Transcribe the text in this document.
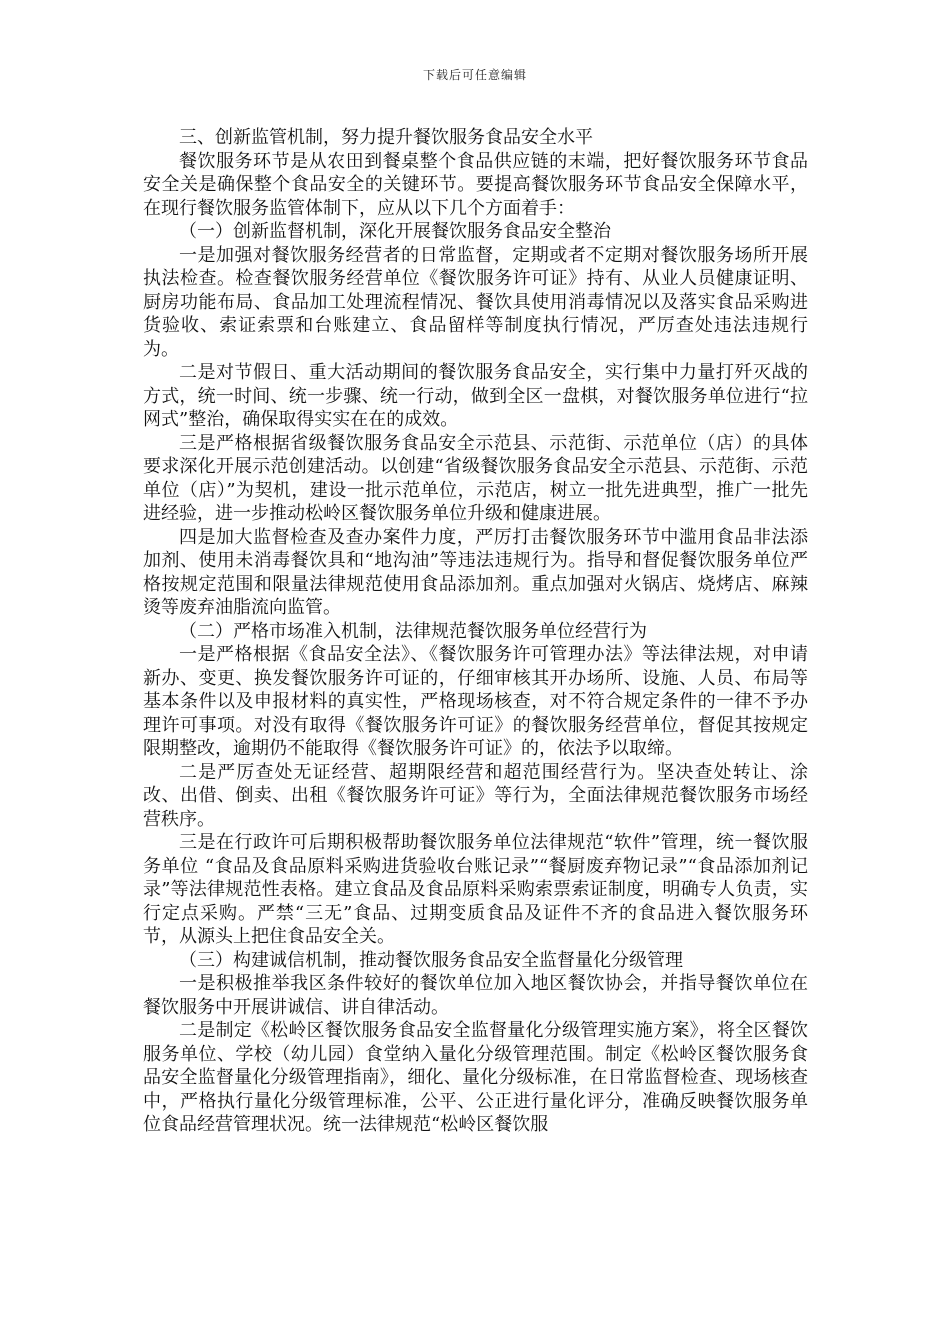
下载后可任意编辑

三、创新监管机制，努力提升餐饮服务食品安全水平

餐饮服务环节是从农田到餐桌整个食品供应链的末端，把好餐饮服务环节食品安全关是确保整个食品安全的关键环节。要提高餐饮服务环节食品安全保障水平，在现行餐饮服务监管体制下，应从以下几个方面着手：

（一）创新监督机制，深化开展餐饮服务食品安全整治

一是加强对餐饮服务经营者的日常监督，定期或者不定期对餐饮服务场所开展执法检查。检查餐饮服务经营单位《餐饮服务许可证》持有、从业人员健康证明、厨房功能布局、食品加工处理流程情况、餐饮具使用消毒情况以及落实食品采购进货验收、索证索票和台账建立、食品留样等制度执行情况，严厉查处违法违规行为。

二是对节假日、重大活动期间的餐饮服务食品安全，实行集中力量打歼灭战的方式，统一时间、统一步骤、统一行动，做到全区一盘棋，对餐饮服务单位进行“拉网式”整治，确保取得实实在在的成效。

三是严格根据省级餐饮服务食品安全示范县、示范街、示范单位（店）的具体要求深化开展示范创建活动。以创建“省级餐饮服务食品安全示范县、示范街、示范单位（店）”为契机，建设一批示范单位，示范店，树立一批先进典型，推广一批先进经验，进一步推动松岭区餐饮服务单位升级和健康进展。

四是加大监督检查及查办案件力度，严厉打击餐饮服务环节中滥用食品非法添加剂、使用未消毒餐饮具和“地沟油”等违法违规行为。指导和督促餐饮服务单位严格按规定范围和限量法律规范使用食品添加剂。重点加强对火锅店、烧烤店、麻辣烫等废弃油脂流向监管。

（二）严格市场准入机制，法律规范餐饮服务单位经营行为

一是严格根据《食品安全法》、《餐饮服务许可管理办法》等法律法规，对申请新办、变更、换发餐饮服务许可证的，仔细审核其开办场所、设施、人员、布局等基本条件以及申报材料的真实性，严格现场核查，对不符合规定条件的一律不予办理许可事项。对没有取得《餐饮服务许可证》的餐饮服务经营单位，督促其按规定限期整改，逾期仍不能取得《餐饮服务许可证》的，依法予以取缔。

二是严厉查处无证经营、超期限经营和超范围经营行为。坚决查处转让、涂改、出借、倒卖、出租《餐饮服务许可证》等行为，全面法律规范餐饮服务市场经营秩序。

三是在行政许可后期积极帮助餐饮服务单位法律规范“软件”管理，统一餐饮服务单位 “食品及食品原料采购进货验收台账记录”“餐厨废弃物记录”“食品添加剂记录”等法律规范性表格。建立食品及食品原料采购索票索证制度，明确专人负责，实行定点采购。严禁“三无”食品、过期变质食品及证件不齐的食品进入餐饮服务环节，从源头上把住食品安全关。

（三）构建诚信机制，推动餐饮服务食品安全监督量化分级管理

一是积极推举我区条件较好的餐饮单位加入地区餐饮协会，并指导餐饮单位在餐饮服务中开展讲诚信、讲自律活动。

二是制定《松岭区餐饮服务食品安全监督量化分级管理实施方案》，将全区餐饮服务单位、学校（幼儿园）食堂纳入量化分级管理范围。制定《松岭区餐饮服务食品安全监督量化分级管理指南》，细化、量化分级标准，在日常监督检查、现场核查中，严格执行量化分级管理标准，公平、公正进行量化评分，准确反映餐饮服务单位食品经营管理状况。统一法律规范“松岭区餐饮服
